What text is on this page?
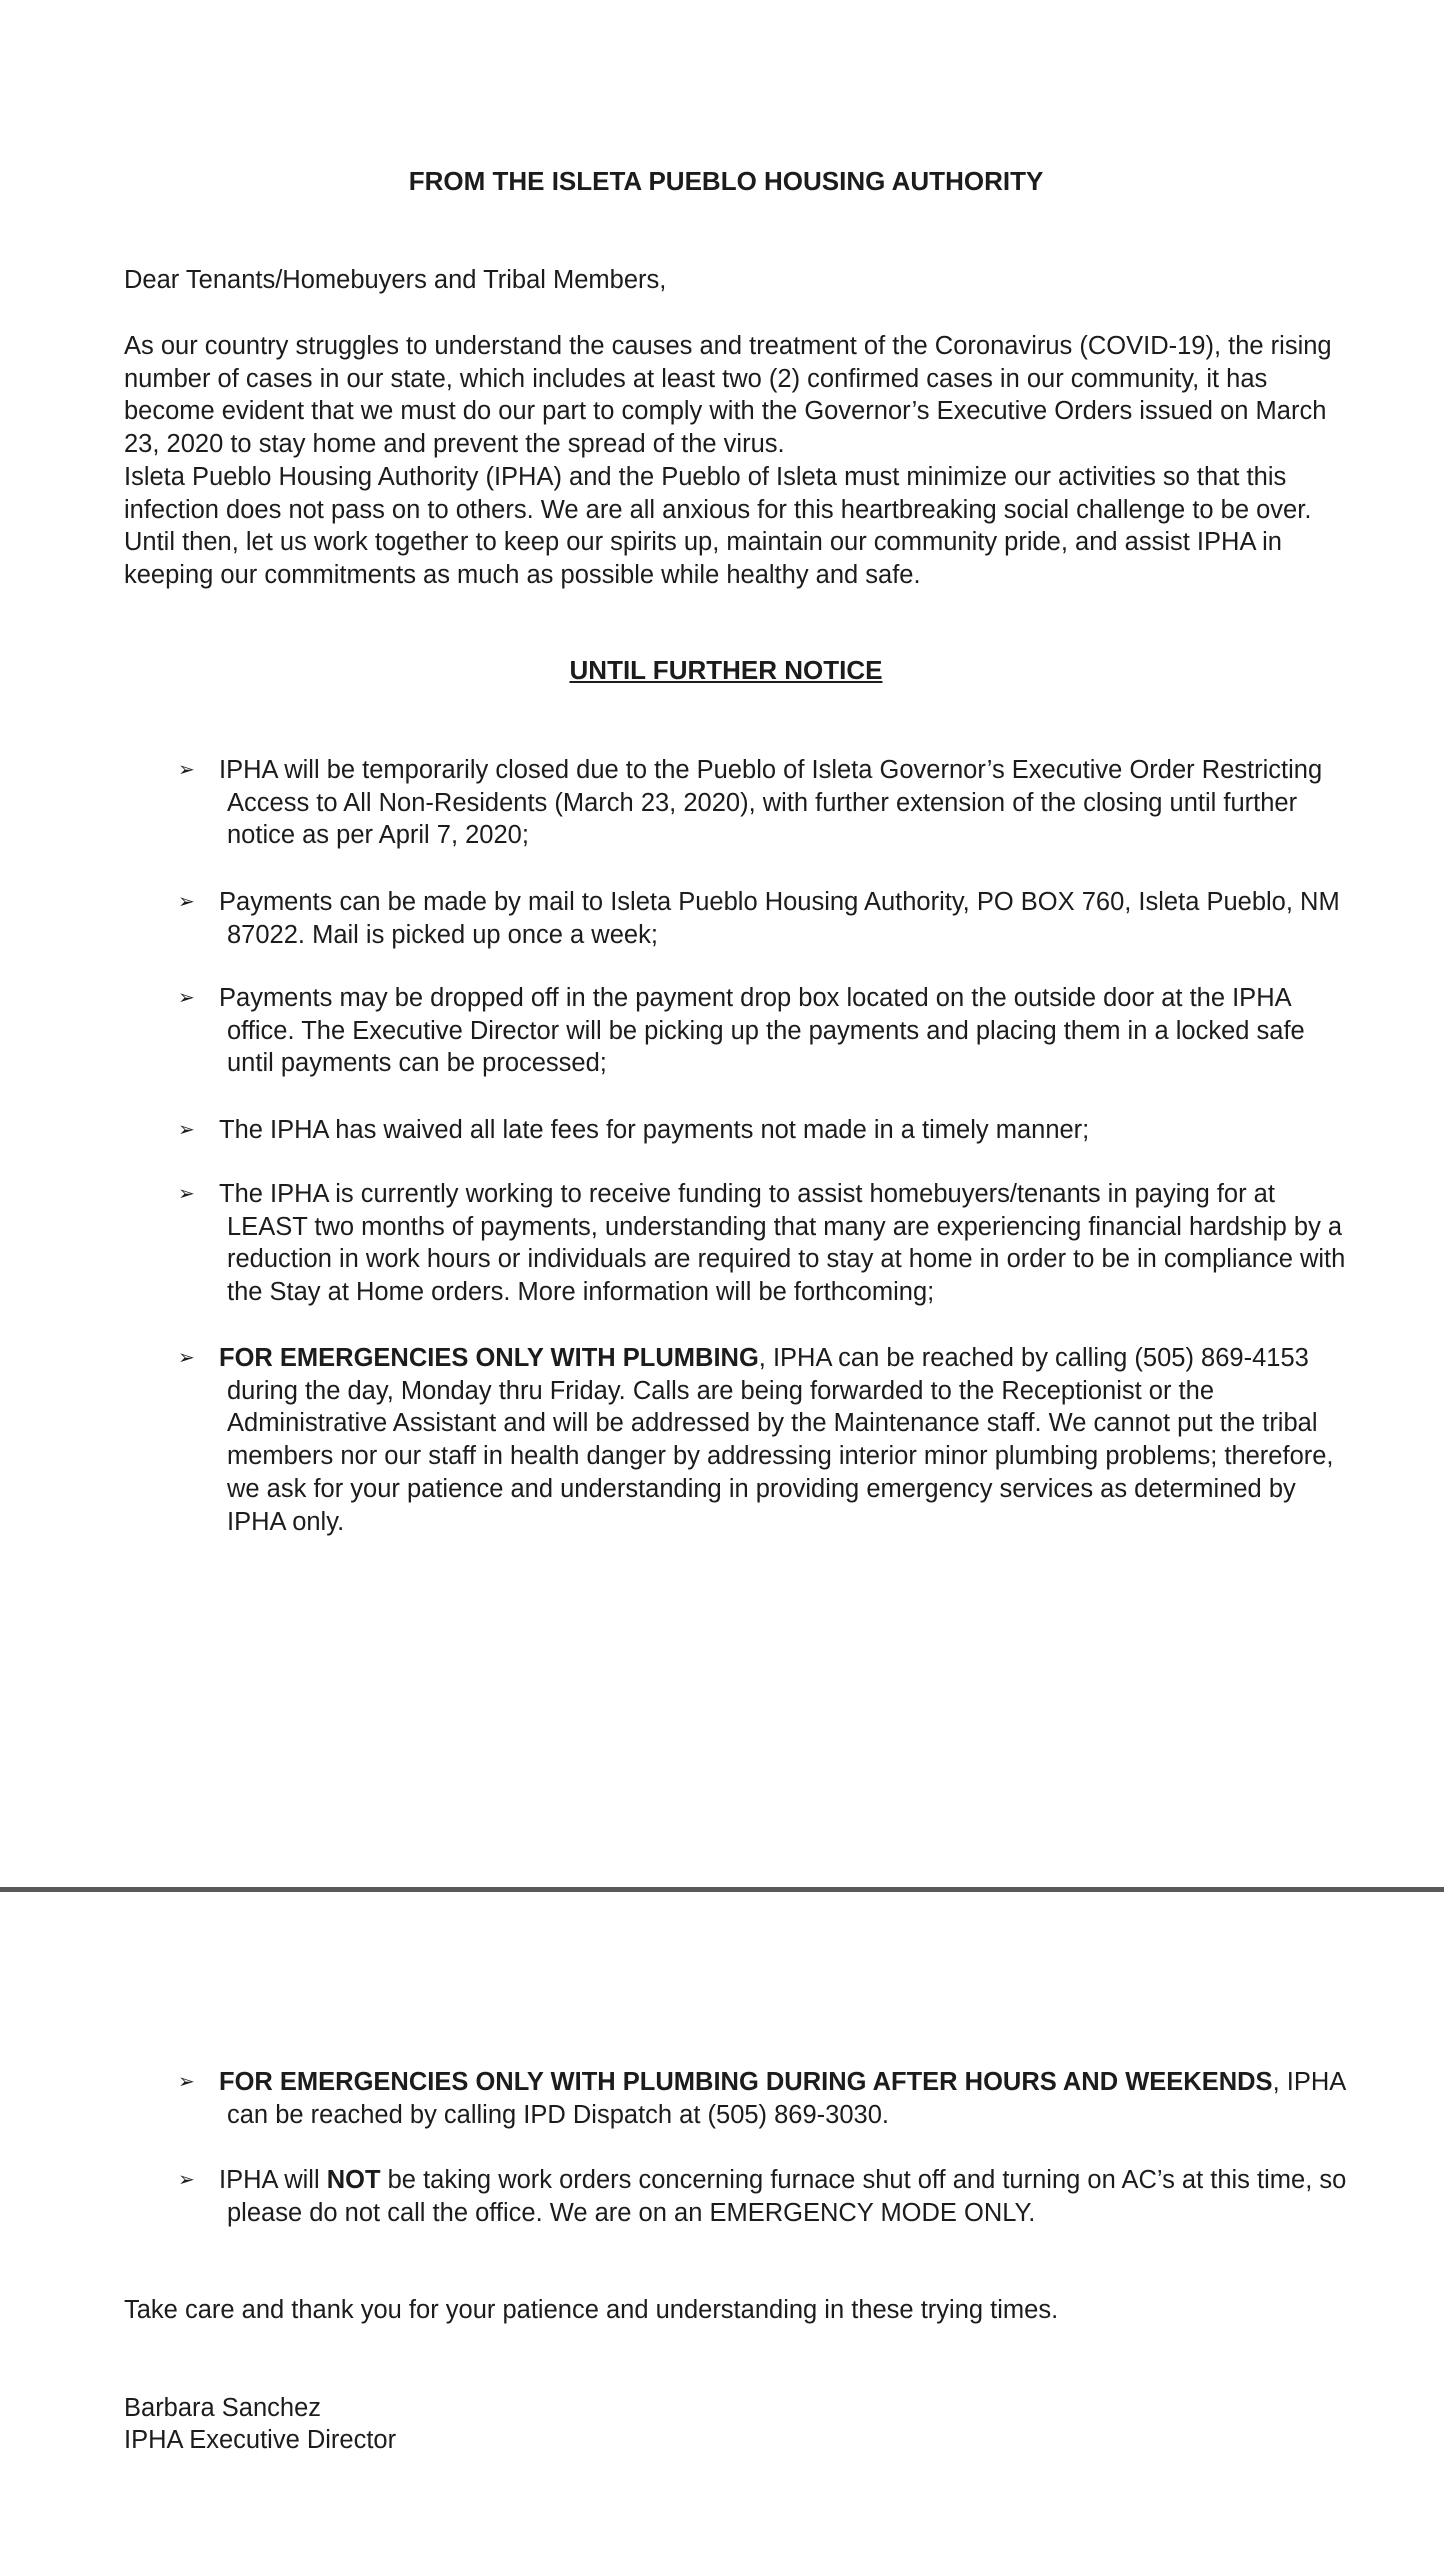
FROM THE ISLETA PUEBLO HOUSING AUTHORITY
Dear Tenants/Homebuyers and Tribal Members,

As our country struggles to understand the causes and treatment of the Coronavirus (COVID-19), the rising number of cases in our state, which includes at least two (2) confirmed cases in our community, it has become evident that we must do our part to comply with the Governor’s Executive Orders issued on March 23, 2020 to stay home and prevent the spread of the virus.

Isleta Pueblo Housing Authority (IPHA) and the Pueblo of Isleta must minimize our activities so that this infection does not pass on to others. We are all anxious for this heartbreaking social challenge to be over. Until then, let us work together to keep our spirits up, maintain our community pride, and assist IPHA in keeping our commitments as much as possible while healthy and safe.

UNTIL FURTHER NOTICE
➢ IPHA will be temporarily closed due to the Pueblo of Isleta Governor’s Executive Order Restricting Access to All Non-Residents (March 23, 2020), with further extension of the closing until further notice as per April 7, 2020;
➢ Payments can be made by mail to Isleta Pueblo Housing Authority, PO BOX 760, Isleta Pueblo, NM 87022. Mail is picked up once a week;
➢ Payments may be dropped off in the payment drop box located on the outside door at the IPHA office. The Executive Director will be picking up the payments and placing them in a locked safe until payments can be processed;
➢ The IPHA has waived all late fees for payments not made in a timely manner;
➢ The IPHA is currently working to receive funding to assist homebuyers/tenants in paying for at LEAST two months of payments, understanding that many are experiencing financial hardship by a reduction in work hours or individuals are required to stay at home in order to be in compliance with the Stay at Home orders. More information will be forthcoming;
➢ FOR EMERGENCIES ONLY WITH PLUMBING, IPHA can be reached by calling (505) 869-4153 during the day, Monday thru Friday. Calls are being forwarded to the Receptionist or the Administrative Assistant and will be addressed by the Maintenance staff. We cannot put the tribal members nor our staff in health danger by addressing interior minor plumbing problems; therefore, we ask for your patience and understanding in providing emergency services as determined by IPHA only.
➢ FOR EMERGENCIES ONLY WITH PLUMBING DURING AFTER HOURS AND WEEKENDS, IPHA can be reached by calling IPD Dispatch at (505) 869-3030.
➢ IPHA will NOT be taking work orders concerning furnace shut off and turning on AC’s at this time, so please do not call the office. We are on an EMERGENCY MODE ONLY.
Take care and thank you for your patience and understanding in these trying times.
Barbara Sanchez
IPHA Executive Director
